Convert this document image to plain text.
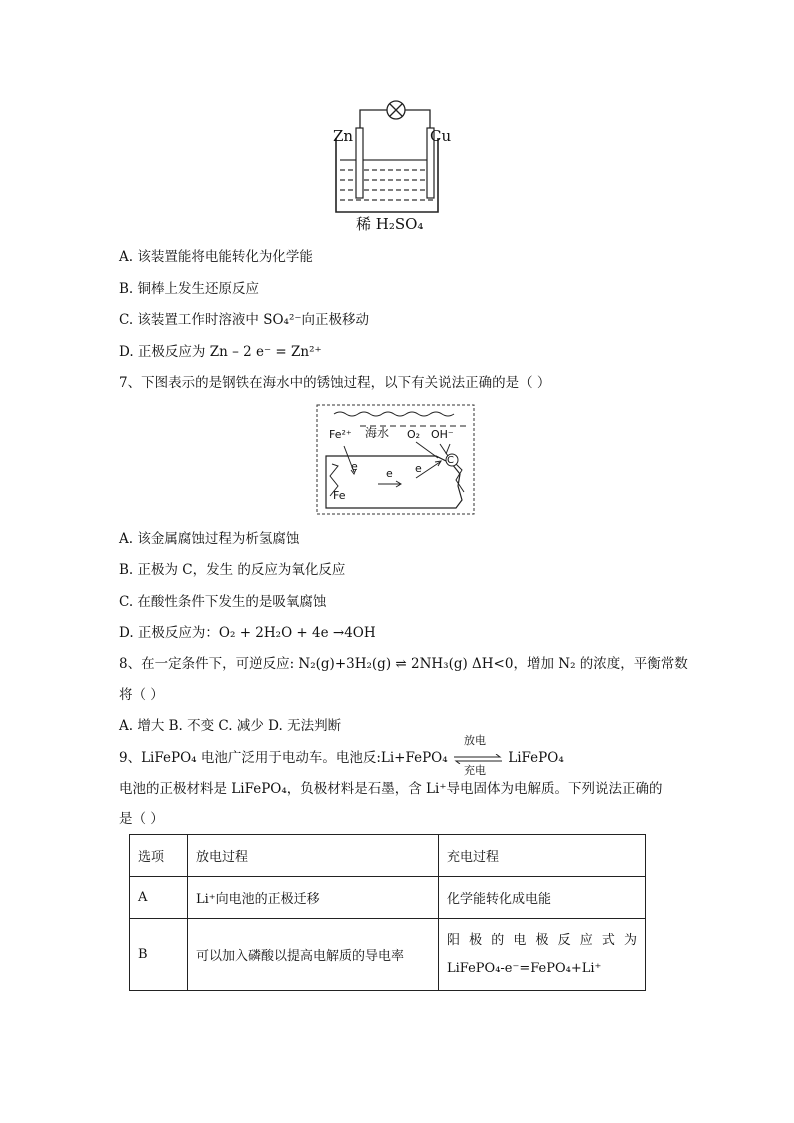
Zn	Cu
稀 H₂SO₄
A. 该装置能将电能转化为化学能
B. 铜棒上发生还原反应
C. 该装置工作时溶液中 SO₄²⁻向正极移动
D. 正极反应为 Zn – 2 e⁻ = Zn²⁺
7、下图表示的是钢铁在海水中的锈蚀过程，以下有关说法正确的是（ ）
Fe²⁺ 海水 O₂ OH⁻
C
e
e e
Fe
A. 该金属腐蚀过程为析氢腐蚀
B. 正极为 C，发生 的反应为氧化反应
C. 在酸性条件下发生的是吸氧腐蚀
D. 正极反应为：O₂ + 2H₂O + 4e →4OH
8、在一定条件下，可逆反应: N₂(g)+3H₂(g) ⇌ 2NH₃(g) ΔH<0，增加 N₂ 的浓度，平衡常数
将（ ）
A. 增大 B. 不变 C. 减少 D. 无法判断
9、LiFePO₄ 电池广泛用于电动车。电池反:Li+FePO₄
放电
充电
LiFePO₄
电池的正极材料是 LiFePO₄，负极材料是石墨，含 Li⁺导电固体为电解质。下列说法正确的
是（ ）
选项	放电过程	充电过程
A	Li⁺向电池的正极迁移	化学能转化成电能
B	可以加入磷酸以提高电解质的导电率	阳 极 的 电 极 反 应 式 为
LiFePO₄-e⁻=FePO₄+Li⁺
